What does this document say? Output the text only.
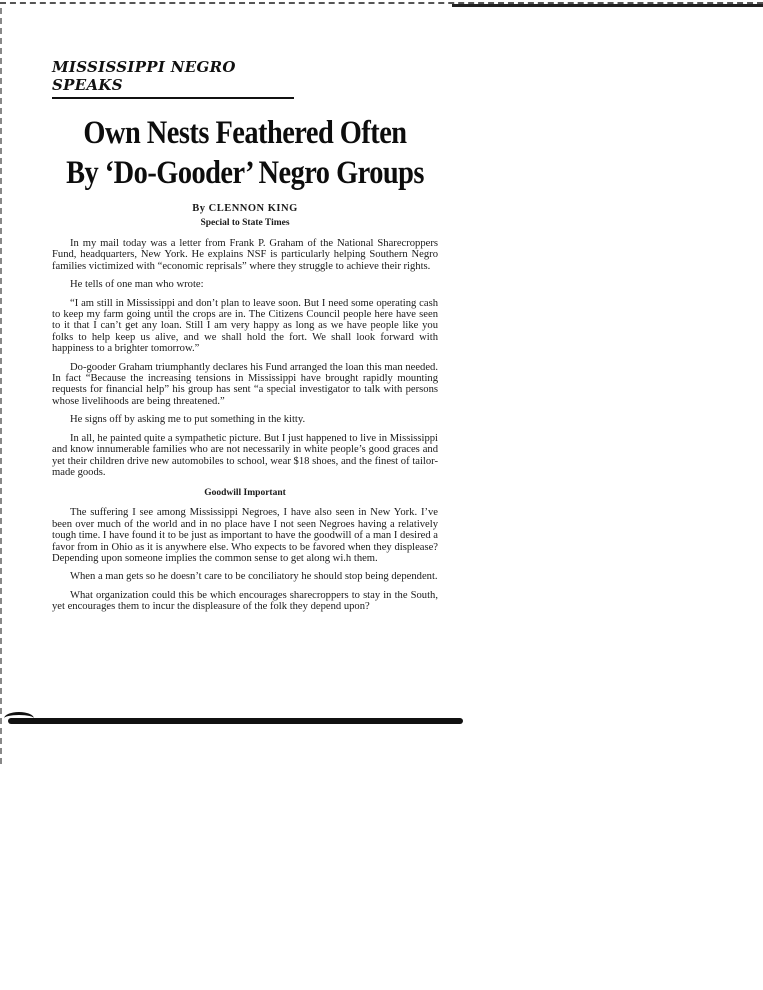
MISSISSIPPI NEGRO SPEAKS
Own Nests Feathered Often
By ‘Do-Gooder’ Negro Groups
By CLENNON KING
Special to State Times

In my mail today was a letter from Frank P. Graham of the National Sharecroppers Fund, headquarters, New York. He explains NSF is particularly helping Southern Negro families victimized with “economic reprisals” where they struggle to achieve their rights.

He tells of one man who wrote:

“I am still in Mississippi and don’t plan to leave soon. But I need some operating cash to keep my farm going until the crops are in. The Citizens Council people here have seen to it that I can’t get any loan. Still I am very happy as long as we have people like you folks to help keep us alive, and we shall hold the fort. We shall look forward with happiness to a brighter tomorrow.”

Do-gooder Graham triumphantly declares his Fund arranged the loan this man needed. In fact “Because the increasing tensions in Mississippi have brought rapidly mounting requests for financial help” his group has sent “a special investigator to talk with persons whose livelihoods are being threatened.”

He signs off by asking me to put something in the kitty.

In all, he painted quite a sympathetic picture. But I just happened to live in Mississippi and know innumerable families who are not necessarily in white people’s good graces and yet their children drive new automobiles to school, wear $18 shoes, and the finest of tailor-made goods.

Goodwill Important

The suffering I see among Mississippi Negroes, I have also seen in New York. I’ve been over much of the world and in no place have I not seen Negroes having a relatively tough time. I have found it to be just as important to have the goodwill of a man I desired a favor from in Ohio as it is anywhere else. Who expects to be favored when they displease? Depending upon someone implies the common sense to get along wi.h them.

When a man gets so he doesn’t care to be conciliatory he should stop being dependent.

What organization could this be which encourages sharecroppers to stay in the South, yet encourages them to incur the displeasure of the folk they depend upon?
